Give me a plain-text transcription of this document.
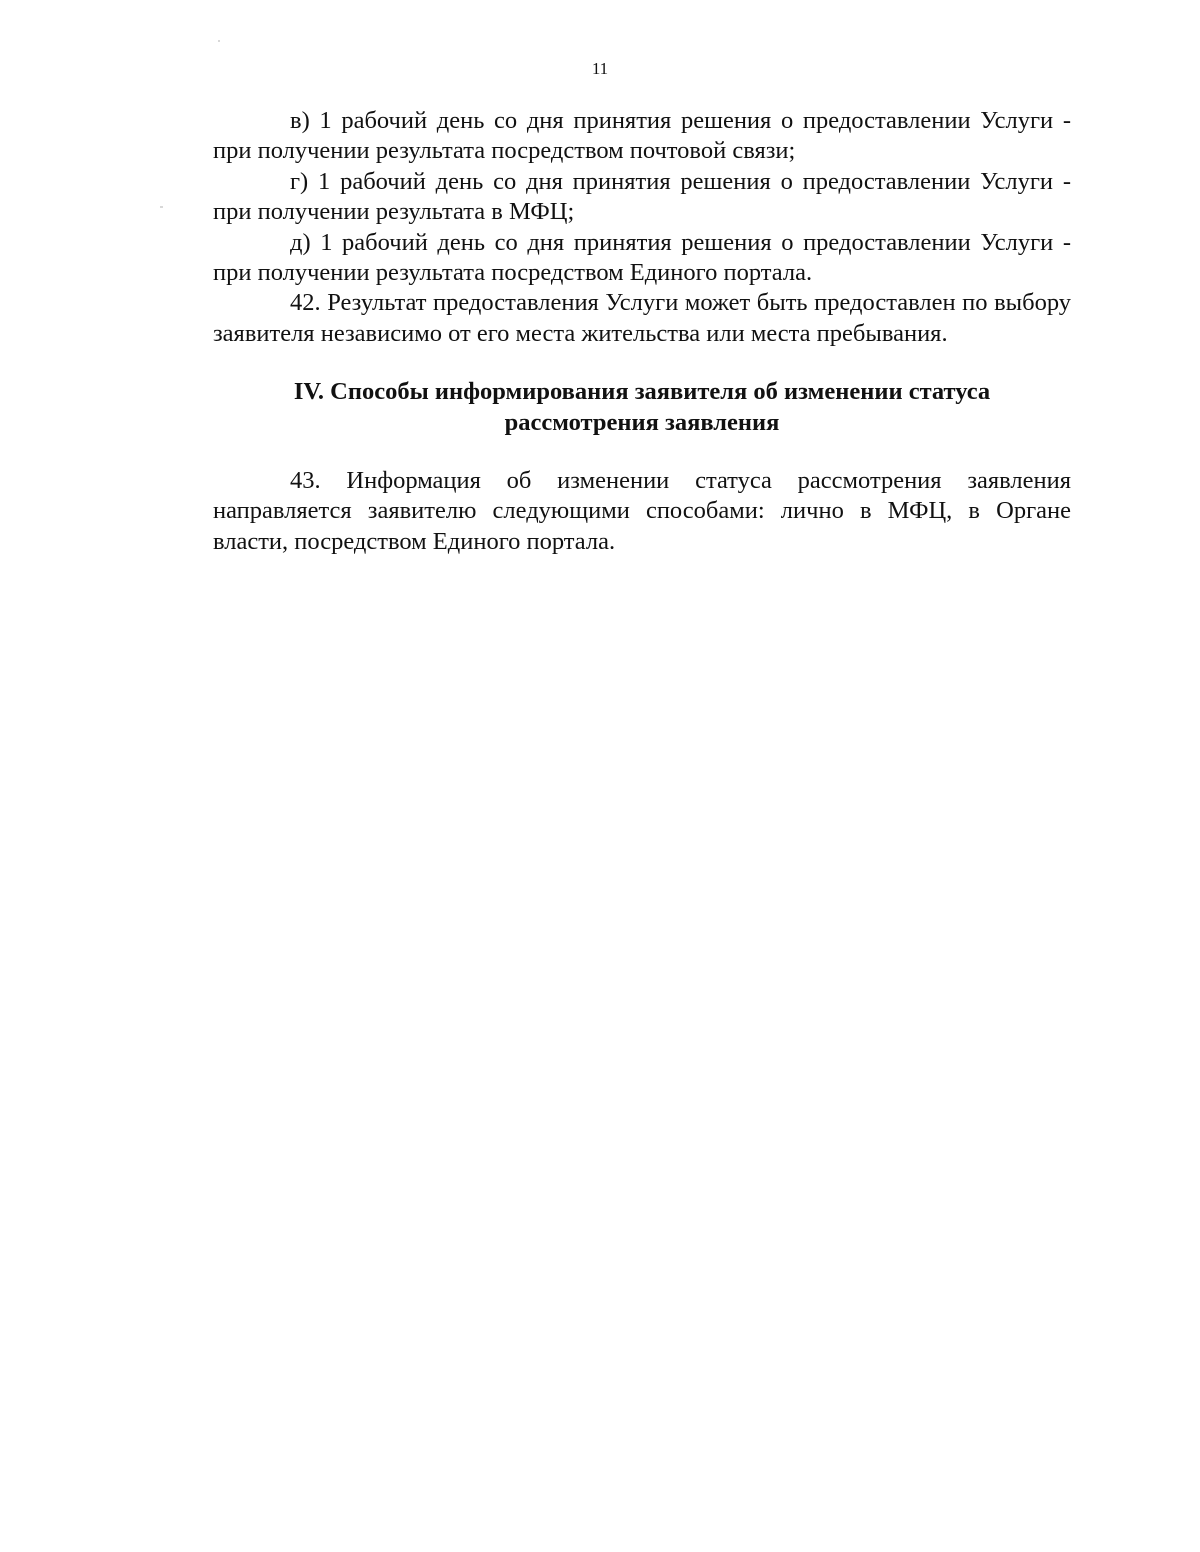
11

в) 1 рабочий день со дня принятия решения о предоставлении Услуги - при получении результата посредством почтовой связи;

г) 1 рабочий день со дня принятия решения о предоставлении Услуги - при получении результата в МФЦ;

д) 1 рабочий день со дня принятия решения о предоставлении Услуги - при получении результата посредством Единого портала.

42. Результат предоставления Услуги может быть предоставлен по выбору заявителя независимо от его места жительства или места пребывания.

IV. Способы информирования заявителя об изменении статуса рассмотрения заявления

43. Информация об изменении статуса рассмотрения заявления направляется заявителю следующими способами: лично в МФЦ, в Органе власти, посредством Единого портала.
